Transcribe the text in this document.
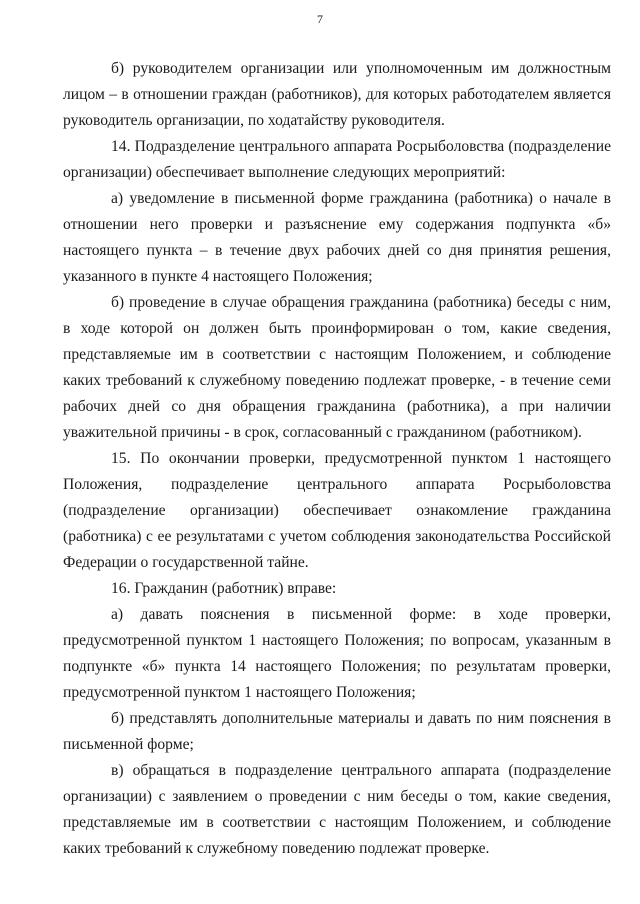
7

б) руководителем организации или уполномоченным им должностным лицом – в отношении граждан (работников), для которых работодателем является руководитель организации, по ходатайству руководителя.

14. Подразделение центрального аппарата Росрыболовства (подразделение организации) обеспечивает выполнение следующих мероприятий:

а) уведомление в письменной форме гражданина (работника) о начале в отношении него проверки и разъяснение ему содержания подпункта «б» настоящего пункта – в течение двух рабочих дней со дня принятия решения, указанного в пункте 4 настоящего Положения;

б) проведение в случае обращения гражданина (работника) беседы с ним, в ходе которой он должен быть проинформирован о том, какие сведения, представляемые им в соответствии с настоящим Положением, и соблюдение каких требований к служебному поведению подлежат проверке, - в течение семи рабочих дней со дня обращения гражданина (работника), а при наличии уважительной причины - в срок, согласованный с гражданином (работником).

15. По окончании проверки, предусмотренной пунктом 1 настоящего Положения, подразделение центрального аппарата Росрыболовства (подразделение организации) обеспечивает ознакомление гражданина (работника) с ее результатами с учетом соблюдения законодательства Российской Федерации о государственной тайне.

16. Гражданин (работник) вправе:

а) давать пояснения в письменной форме: в ходе проверки, предусмотренной пунктом 1 настоящего Положения; по вопросам, указанным в подпункте «б» пункта 14 настоящего Положения; по результатам проверки, предусмотренной пунктом 1 настоящего Положения;

б) представлять дополнительные материалы и давать по ним пояснения в письменной форме;

в) обращаться в подразделение центрального аппарата (подразделение организации) с заявлением о проведении с ним беседы о том, какие сведения, представляемые им в соответствии с настоящим Положением, и соблюдение каких требований к служебному поведению подлежат проверке.
